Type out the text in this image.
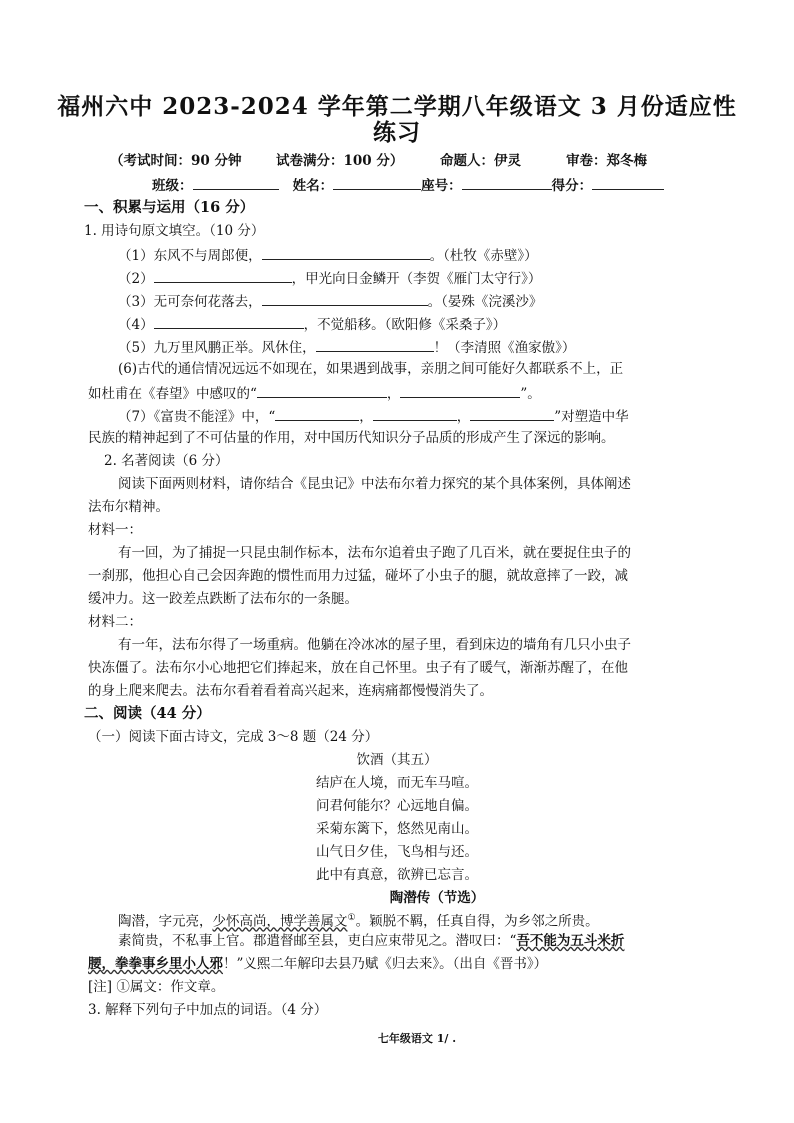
福州六中 2023-2024 学年第二学期八年级语文 3 月份适应性
练习
（考试时间：90 分钟	试卷满分：100 分）	命题人：伊灵	审卷：郑冬梅
班级：	姓名：	座号：	得分：
一、积累与运用（16 分）
1. 用诗句原文填空。（10 分）
（1）东风不与周郎便，	。（杜牧《赤壁》）
（2）	，甲光向日金鳞开（李贺《雁门太守行》）
（3）无可奈何花落去，	。（晏殊《浣溪沙》
（4）	，不觉船移。（欧阳修《采桑子》）
（5）九万里风鹏正举。风休住，	！（李清照《渔家傲》）
(6)古代的通信情况远远不如现在，如果遇到战事，亲朋之间可能好久都联系不上，正
如杜甫在《春望》中感叹的“	，	”。
（7）《富贵不能淫》中，“	，	，	”对塑造中华
民族的精神起到了不可估量的作用，对中国历代知识分子品质的形成产生了深远的影响。
2. 名著阅读（6 分）
阅读下面两则材料，请你结合《昆虫记》中法布尔着力探究的某个具体案例，具体阐述
法布尔精神。
材料一：
有一回，为了捕捉一只昆虫制作标本，法布尔追着虫子跑了几百米，就在要捉住虫子的
一刹那，他担心自己会因奔跑的惯性而用力过猛，碰坏了小虫子的腿，就故意摔了一跤，减
缓冲力。这一跤差点跌断了法布尔的一条腿。
材料二：
有一年，法布尔得了一场重病。他躺在冷冰冰的屋子里，看到床边的墙角有几只小虫子
快冻僵了。法布尔小心地把它们捧起来，放在自己怀里。虫子有了暖气，渐渐苏醒了，在他
的身上爬来爬去。法布尔看着看着高兴起来，连病痛都慢慢消失了。
二、阅读（44 分）
（一）阅读下面古诗文，完成 3～8 题（24 分）
饮酒（其五）
结庐在人境，而无车马喧。
问君何能尔？心远地自偏。
采菊东篱下，悠然见南山。
山气日夕佳，飞鸟相与还。
此中有真意，欲辨已忘言。
陶潜传（节选）
陶潜，字元亮，少怀高尚，博学善属文①。颖脱不羁，任真自得，为乡邻之所贵。
素简贵，不私事上官。郡遣督邮至县，吏白应束带见之。潜叹曰：“吾不能为五斗米折
腰，拳拳事乡里小人邪！”义熙二年解印去县乃赋《归去来》。（出自《晋书》）
[注] ①属文：作文章。
3. 解释下列句子中加点的词语。（4 分）
七年级语文 1/ .
